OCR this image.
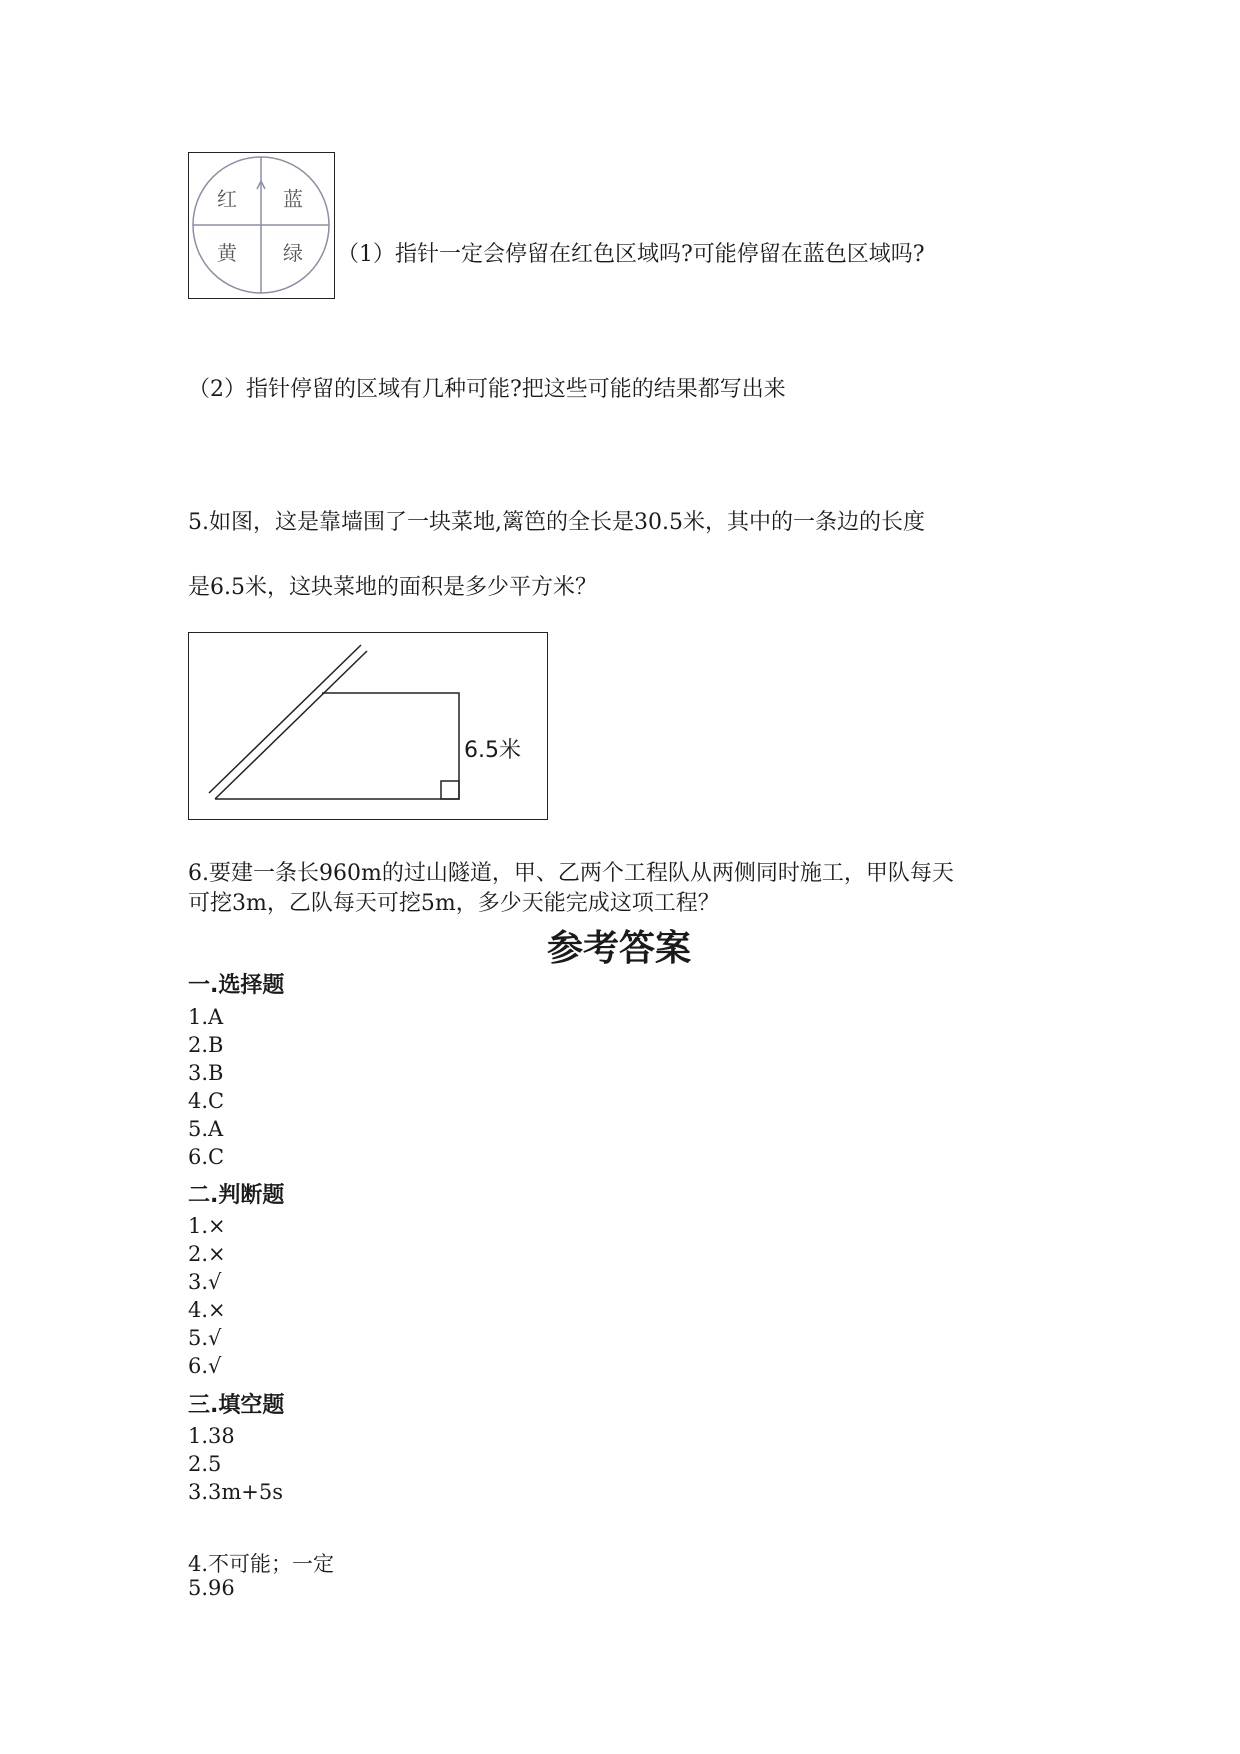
红 蓝
黄 绿 （1）指针一定会停留在红色区域吗?可能停留在蓝色区域吗?
（2）指针停留的区域有几种可能?把这些可能的结果都写出来
5.如图，这是靠墙围了一块菜地,篱笆的全长是30.5米，其中的一条边的长度
是6.5米，这块菜地的面积是多少平方米？
6.5米
6.要建一条长960m的过山隧道，甲、乙两个工程队从两侧同时施工，甲队每天
可挖3m，乙队每天可挖5m，多少天能完成这项工程？
参考答案
一.选择题
1.A
2.B
3.B
4.C
5.A
6.C
二.判断题
1.×
2.×
3.√
4.×
5.√
6.√
三.填空题
1.38
2.5
3.3m+5s
4.不可能；一定
5.96
